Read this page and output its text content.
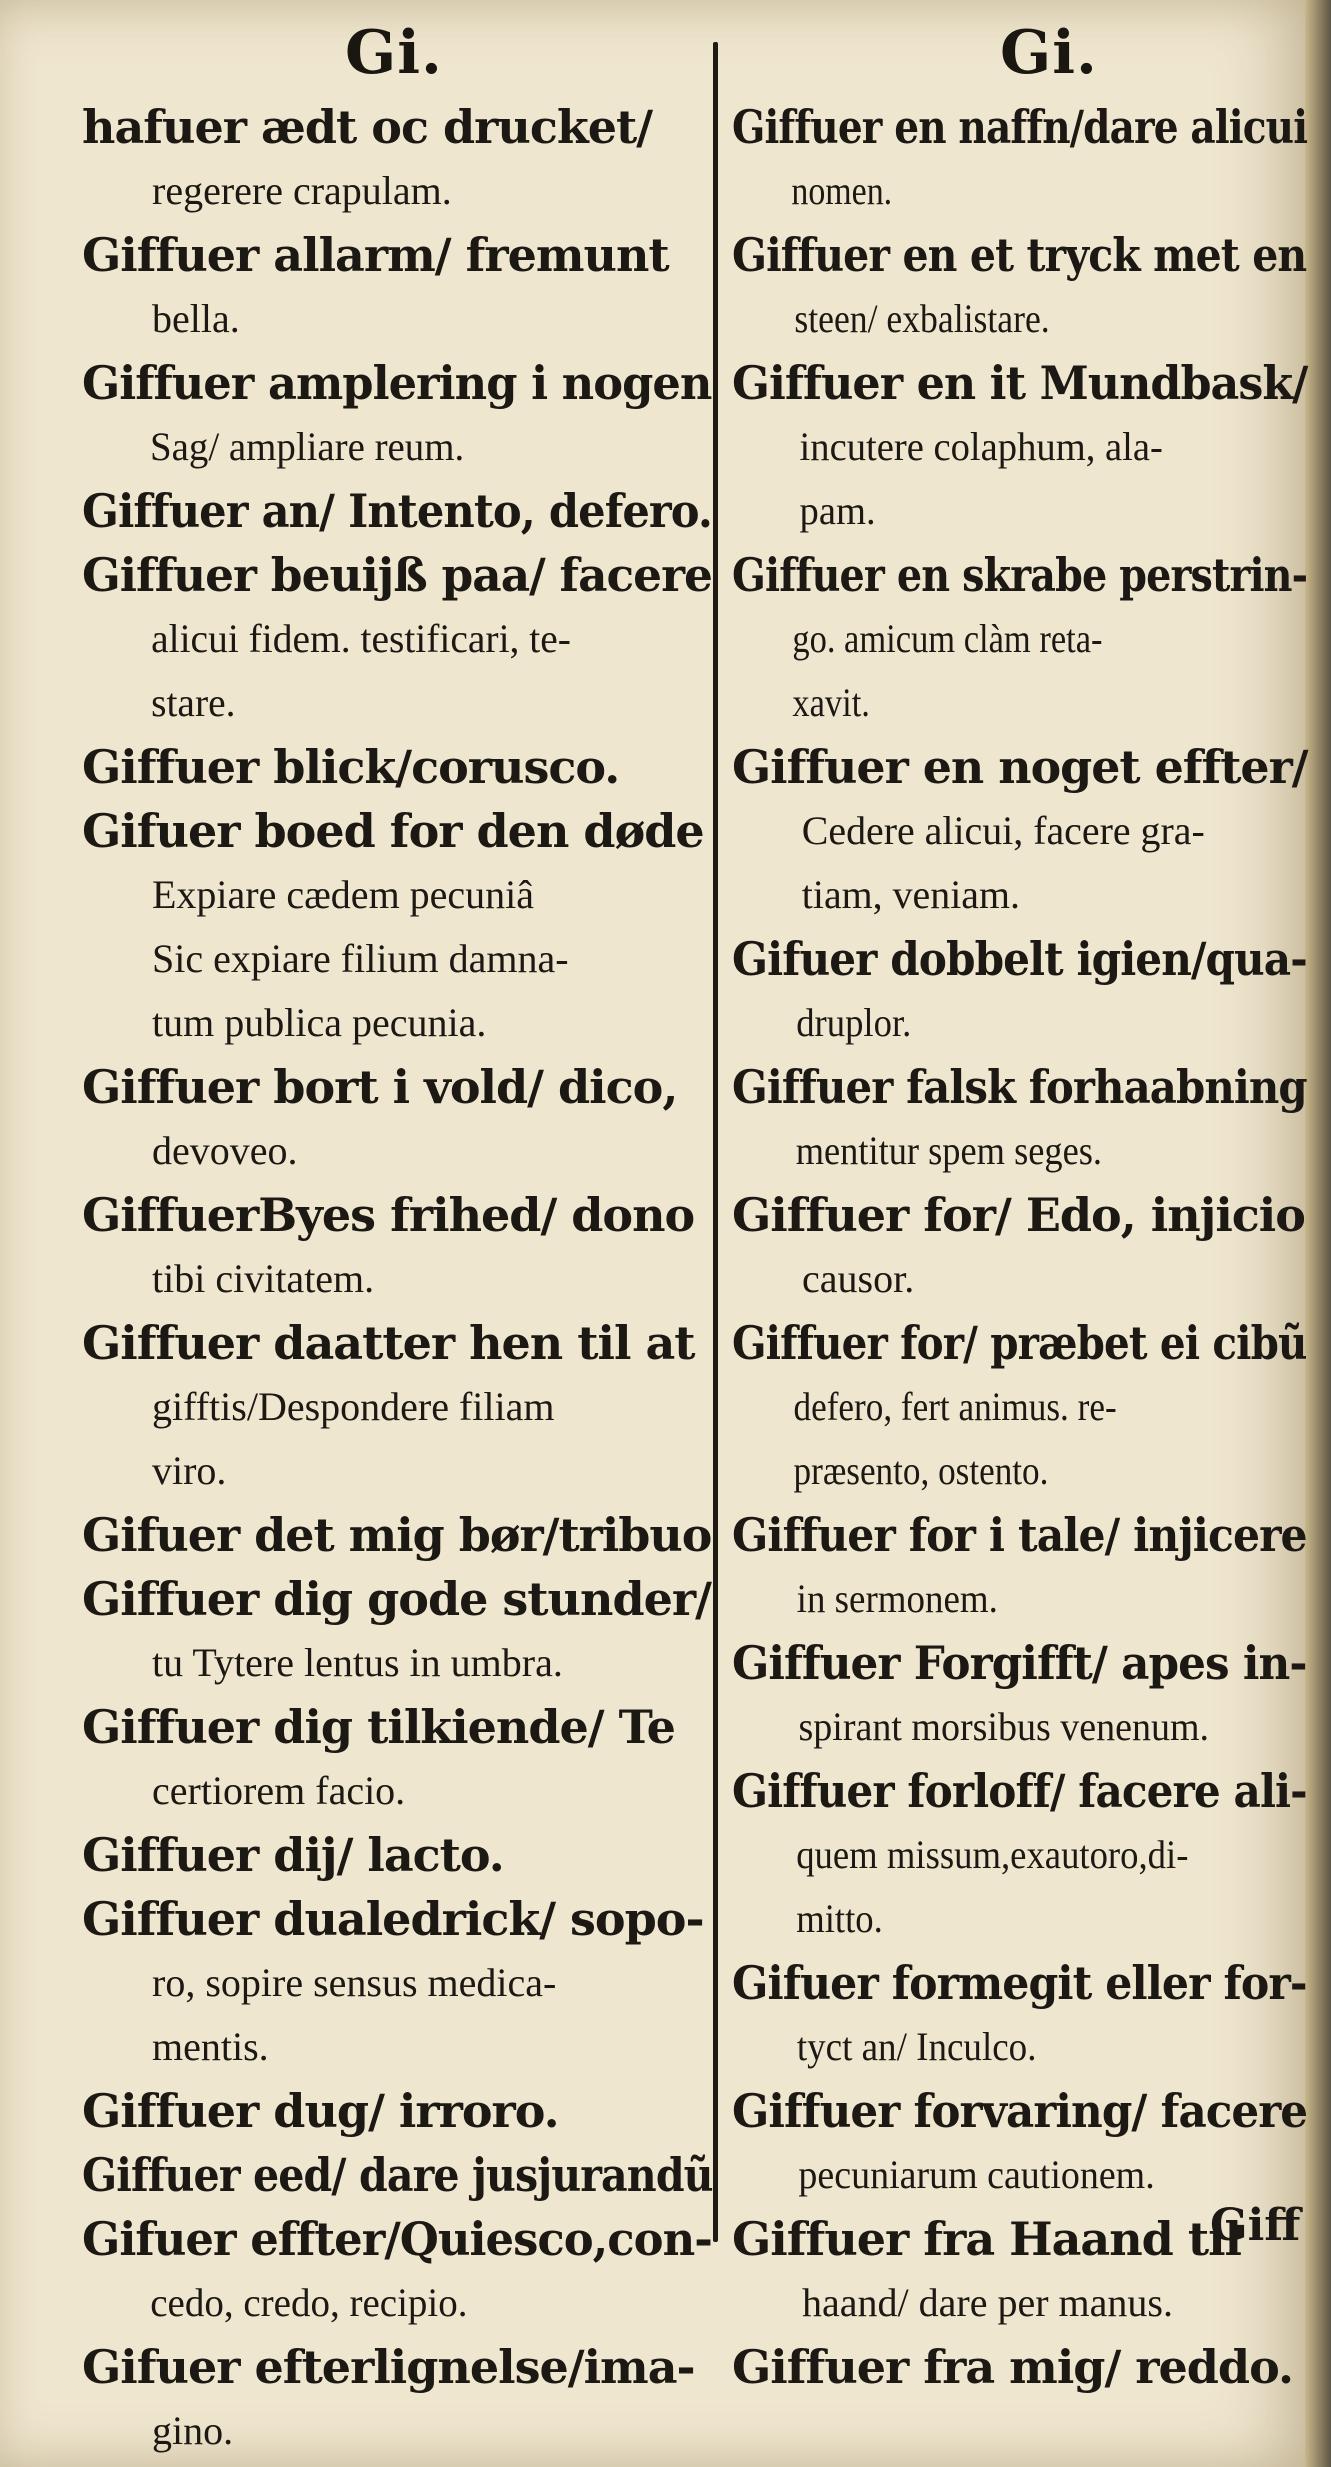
Gi.	Gi.
hafuer ædt oc drucket/
regerere crapulam.
Giffuer allarm/ fremunt
bella.
Giffuer amplering i nogen
Sag/ ampliare reum.
Giffuer an/ Intento, defero.
Giffuer beuijß paa/ facere
alicui fidem. testificari, te-
stare.
Giffuer blick/corusco.
Gifuer boed for den døde
Expiare cædem pecuniâ
Sic expiare filium damna-
tum publica pecunia.
Giffuer bort i vold/ dico,
devoveo.
GiffuerByes frihed/ dono
tibi civitatem.
Giffuer daatter hen til at
gifftis/Despondere filiam
viro.
Gifuer det mig bør/tribuo
Giffuer dig gode stunder/
tu Tytere lentus in umbra.
Giffuer dig tilkiende/ Te
certiorem facio.
Giffuer dij/ lacto.
Giffuer dualedrick/ sopo-
ro, sopire sensus medica-
mentis.
Giffuer dug/ irroro.
Giffuer eed/ dare jusjurandũ
Gifuer effter/Quiesco,con-
cedo, credo, recipio.
Gifuer efterlignelse/ima-
gino.
Giffuer en naffn/dare alicui
nomen.
Giffuer en et tryck met en
steen/ exbalistare.
Giffuer en it Mundbask/
incutere colaphum, ala-
pam.
Giffuer en skrabe perstrin-
go. amicum clàm reta-
xavit.
Giffuer en noget effter/
Cedere alicui, facere gra-
tiam, veniam.
Gifuer dobbelt igien/qua-
druplor.
Giffuer falsk forhaabning
mentitur spem seges.
Giffuer for/ Edo, injicio
causor.
Giffuer for/ præbet ei cibũ
defero, fert animus. re-
præsento, ostento.
Giffuer for i tale/ injicere
in sermonem.
Giffuer Forgifft/ apes in-
spirant morsibus venenum.
Giffuer forloff/ facere ali-
quem missum,exautoro,di-
mitto.
Gifuer formegit eller for-
tyct an/ Inculco.
Giffuer forvaring/ facere
pecuniarum cautionem.
Giffuer fra Haand til
haand/ dare per manus.
Giffuer fra mig/ reddo.
Giff
